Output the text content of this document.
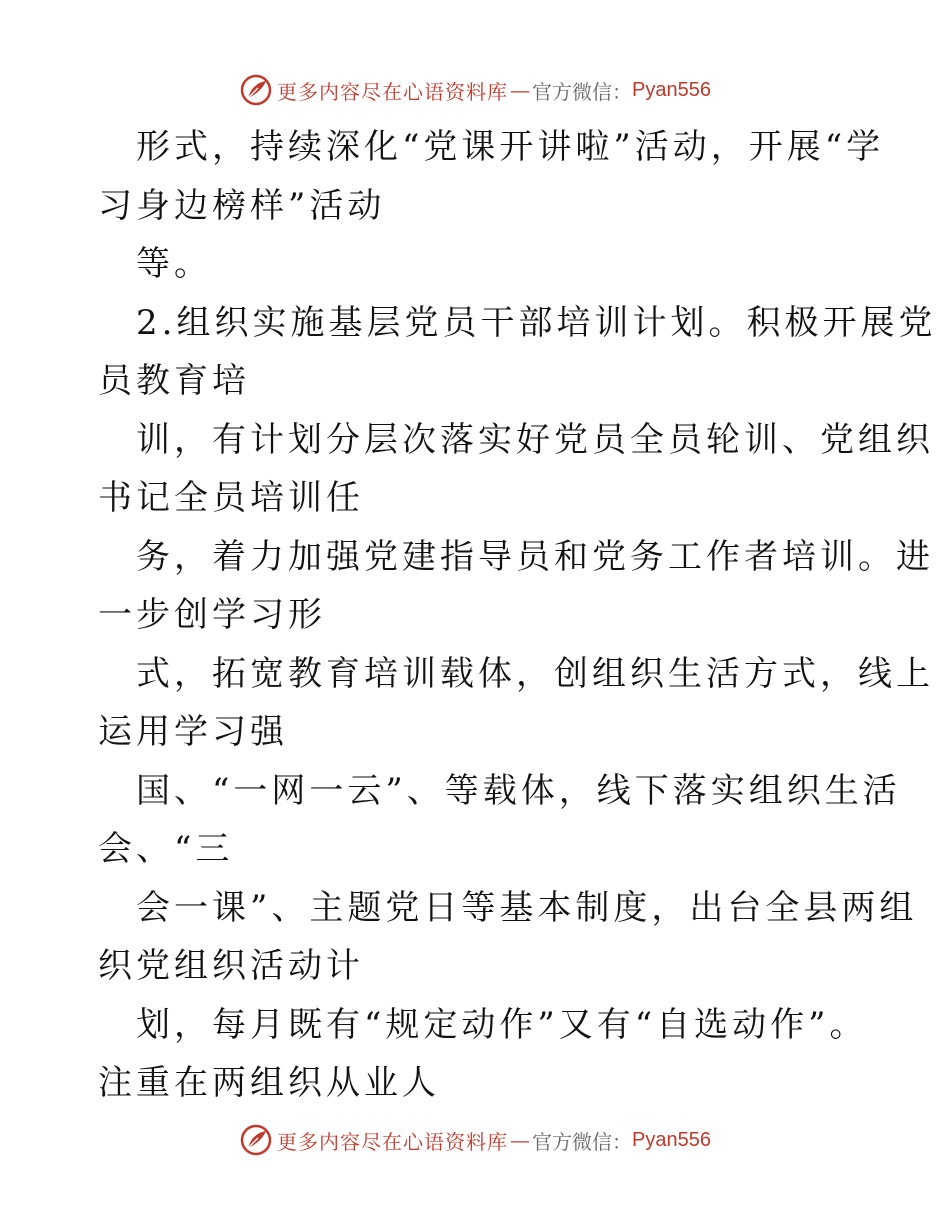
更多内容尽在心语资料库 — 官方微信： Pyan556
形式，持续深化“党课开讲啦”活动，开展“学
习身边榜样”活动
等。
2.组织实施基层党员干部培训计划。积极开展党
员教育培
训，有计划分层次落实好党员全员轮训、党组织
书记全员培训任
务，着力加强党建指导员和党务工作者培训。进
一步创学习形
式，拓宽教育培训载体，创组织生活方式，线上
运用学习强
国、“一网一云”、等载体，线下落实组织生活
会、“三
会一课”、主题党日等基本制度，出台全县两组
织党组织活动计
划，每月既有“规定动作”又有“自选动作”。
注重在两组织从业人
更多内容尽在心语资料库 — 官方微信： Pyan556
